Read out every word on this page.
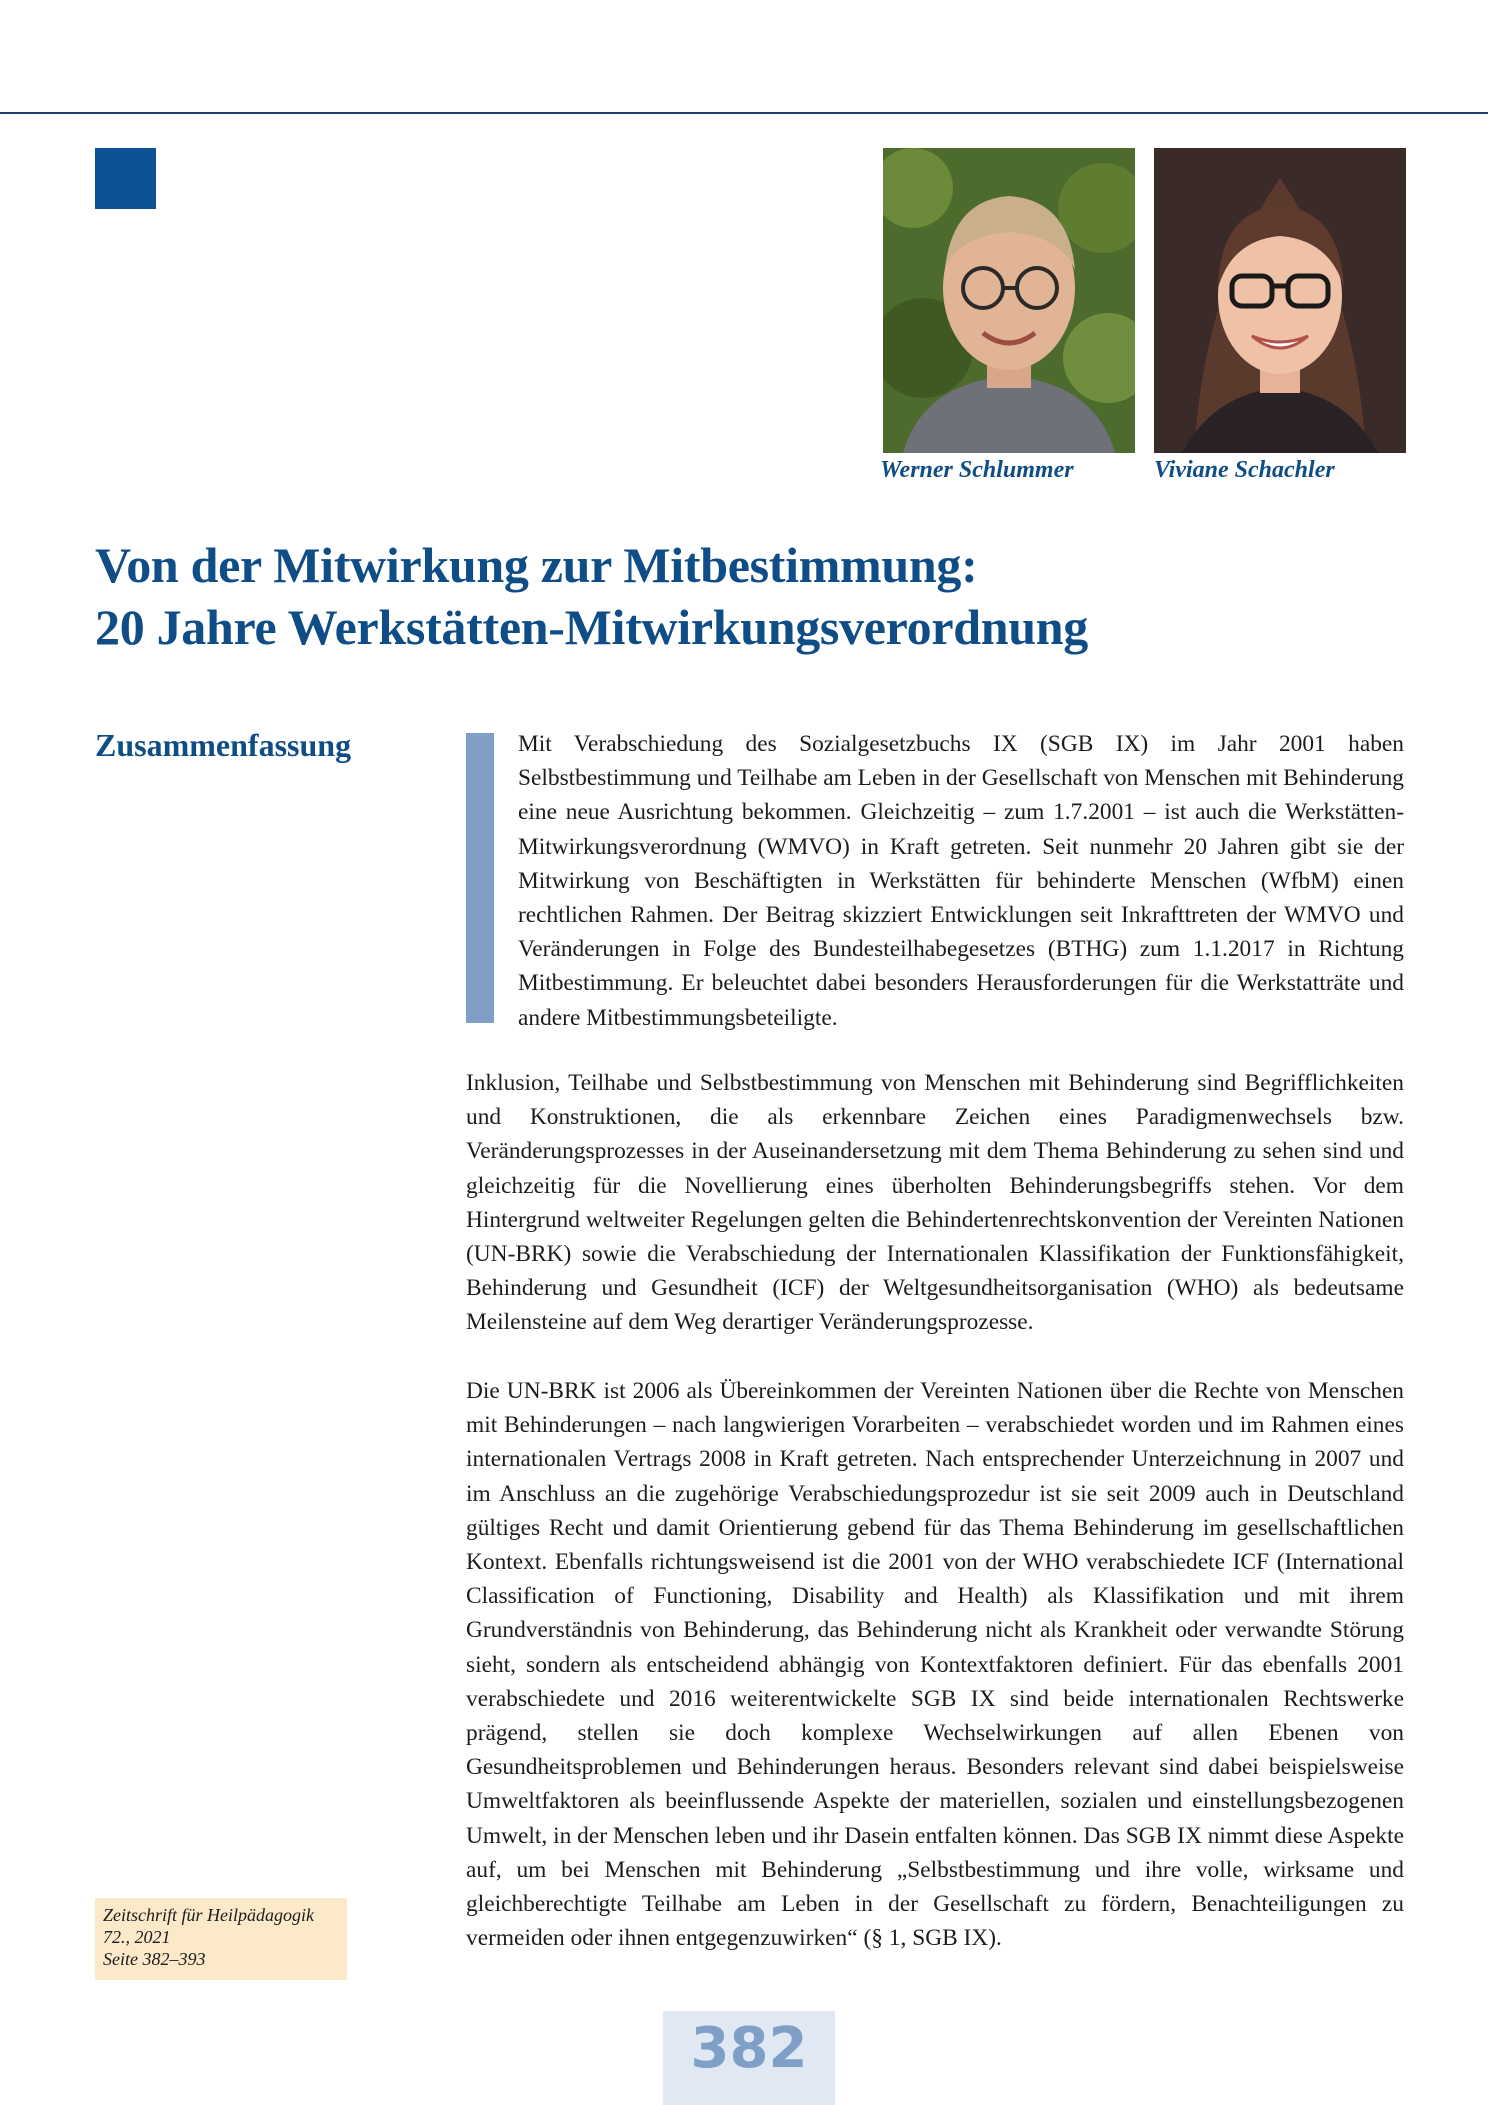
Werner Schlummer	Viviane Schachler
Von der Mitwirkung zur Mitbestimmung:
20 Jahre Werkstätten-Mitwirkungsverordnung
Zusammenfassung	Mit Verabschiedung des Sozialgesetzbuchs IX (SGB IX) im Jahr 2001 haben Selbstbestimmung und Teilhabe am Leben in der Gesellschaft von Menschen mit Behinderung eine neue Ausrichtung bekommen. Gleichzeitig – zum 1.7.2001 – ist auch die Werkstätten-Mitwirkungsverordnung (WMVO) in Kraft getreten. Seit nunmehr 20 Jahren gibt sie der Mitwirkung von Beschäftigten in Werkstätten für behinderte Menschen (WfbM) einen rechtlichen Rahmen. Der Beitrag skizziert Entwicklungen seit Inkrafttreten der WMVO und Veränderungen in Folge des Bundesteilhabegesetzes (BTHG) zum 1.1.2017 in Richtung Mitbestimmung. Er beleuchtet dabei besonders Herausforderungen für die Werkstatträte und andere Mitbestimmungsbeteiligte.

Inklusion, Teilhabe und Selbstbestimmung von Menschen mit Behinderung sind Begrifflichkeiten und Konstruktionen, die als erkennbare Zeichen eines Paradigmenwechsels bzw. Veränderungsprozesses in der Auseinandersetzung mit dem Thema Behinderung zu sehen sind und gleichzeitig für die Novellierung eines überholten Behinderungsbegriffs stehen. Vor dem Hintergrund weltweiter Regelungen gelten die Behindertenrechtskonvention der Vereinten Nationen (UN-BRK) sowie die Verabschiedung der Internationalen Klassifikation der Funktionsfähigkeit, Behinderung und Gesundheit (ICF) der Weltgesundheitsorganisation (WHO) als bedeutsame Meilensteine auf dem Weg derartiger Veränderungsprozesse.

Die UN-BRK ist 2006 als Übereinkommen der Vereinten Nationen über die Rechte von Menschen mit Behinderungen – nach langwierigen Vorarbeiten – verabschiedet worden und im Rahmen eines internationalen Vertrags 2008 in Kraft getreten. Nach entsprechender Unterzeichnung in 2007 und im Anschluss an die zugehörige Verabschiedungsprozedur ist sie seit 2009 auch in Deutschland gültiges Recht und damit Orientierung gebend für das Thema Behinderung im gesellschaftlichen Kontext. Ebenfalls richtungsweisend ist die 2001 von der WHO verabschiedete ICF (International Classification of Functioning, Disability and Health) als Klassifikation und mit ihrem Grundverständnis von Behinderung, das Behinderung nicht als Krankheit oder verwandte Störung sieht, sondern als entscheidend abhängig von Kontextfaktoren definiert. Für das ebenfalls 2001 verabschiedete und 2016 weiterentwickelte SGB IX sind beide internationalen Rechtswerke prägend, stellen sie doch komplexe Wechselwirkungen auf allen Ebenen von Gesundheitsproblemen und Behinderungen heraus. Besonders relevant sind dabei beispielsweise Umweltfaktoren als beeinflussende Aspekte der materiellen, sozialen und einstellungsbezogenen Umwelt, in der Menschen leben und ihr Dasein entfalten können. Das SGB IX nimmt diese Aspekte auf, um bei Menschen mit Behinderung „Selbstbestimmung und ihre volle, wirksame und gleichberechtigte Teilhabe am Leben in der Gesellschaft zu fördern, Benachteiligungen zu vermeiden oder ihnen entgegenzuwirken“ (§ 1, SGB IX).

Zeitschrift für Heilpädagogik
72., 2021
Seite 382–393
382
